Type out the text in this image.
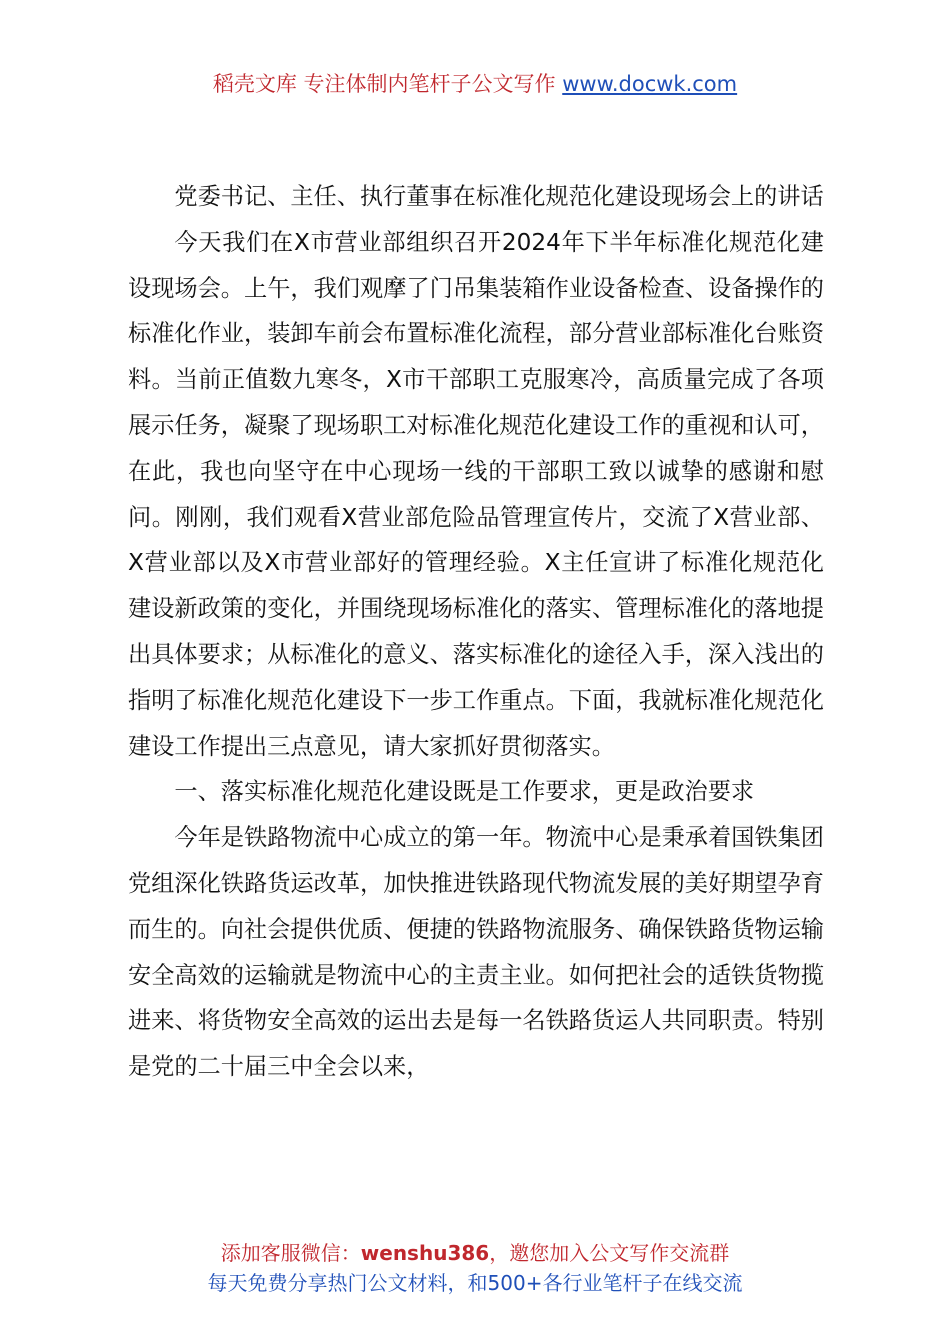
稻壳文库 专注体制内笔杆子公文写作 www.docwk.com

党委书记、主任、执行董事在标准化规范化建设现场会上的讲话

今天我们在X市营业部组织召开2024年下半年标准化规范化建设现场会。上午，我们观摩了门吊集装箱作业设备检查、设备操作的标准化作业，装卸车前会布置标准化流程，部分营业部标准化台账资料。当前正值数九寒冬，X市干部职工克服寒冷，高质量完成了各项展示任务，凝聚了现场职工对标准化规范化建设工作的重视和认可，在此，我也向坚守在中心现场一线的干部职工致以诚挚的感谢和慰问。刚刚，我们观看X营业部危险品管理宣传片，交流了X营业部、X营业部以及X市营业部好的管理经验。X主任宣讲了标准化规范化建设新政策的变化，并围绕现场标准化的落实、管理标准化的落地提出具体要求；从标准化的意义、落实标准化的途径入手，深入浅出的指明了标准化规范化建设下一步工作重点。下面，我就标准化规范化建设工作提出三点意见，请大家抓好贯彻落实。

一、落实标准化规范化建设既是工作要求，更是政治要求

今年是铁路物流中心成立的第一年。物流中心是秉承着国铁集团党组深化铁路货运改革，加快推进铁路现代物流发展的美好期望孕育而生的。向社会提供优质、便捷的铁路物流服务、确保铁路货物运输安全高效的运输就是物流中心的主责主业。如何把社会的适铁货物揽进来、将货物安全高效的运出去是每一名铁路货运人共同职责。特别是党的二十届三中全会以来，

添加客服微信：wenshu386，邀您加入公文写作交流群
每天免费分享热门公文材料，和500+各行业笔杆子在线交流
